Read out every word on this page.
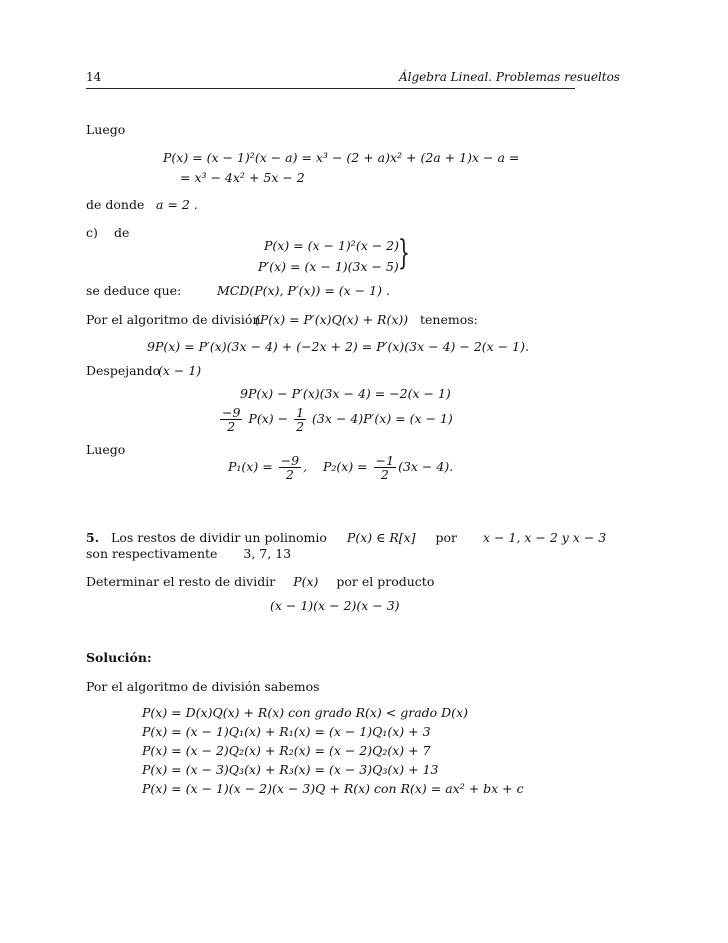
14	Álgebra Lineal. Problemas resueltos
Luego
P(x) = (x − 1)²(x − a) = x³ − (2 + a)x² + (2a + 1)x − a =
= x³ − 4x² + 5x − 2
de donde a = 2 .
c) de
P(x) = (x − 1)²(x − 2)
P′(x) = (x − 1)(3x − 5) }
se deduce que:	MCD(P(x), P′(x)) = (x − 1) .
Por el algoritmo de división
(P(x) = P′(x)Q(x) + R(x)) tenemos:
9P(x) = P′(x)(3x − 4) + (−2x + 2) = P′(x)(3x − 4) − 2(x − 1).
Despejando
(x − 1)
9P(x) − P′(x)(3x − 4) = −2(x − 1)
$\frac{-9}{2} P(x) - \frac{1}{2} (3x - 4)P'(x) = (x - 1)$
Luego
$P_1(x) = \frac{-9}{2}$ , $P_2(x) = \frac{-1}{2} (3x - 4)$.
5. Los restos de dividir un polinomio P(x) ∈ R[x] por x − 1, x − 2 y x − 3
son respectivamente 3, 7, 13
Determinar el resto de dividir P(x) por el producto
(x − 1)(x − 2)(x − 3)
Solución:
Por el algoritmo de división sabemos
P(x) = D(x)Q(x) + R(x) con grado R(x) < grado D(x)
P(x) = (x − 1)Q₁(x) + R₁(x) = (x − 1)Q₁(x) + 3
P(x) = (x − 2)Q₂(x) + R₂(x) = (x − 2)Q₂(x) + 7
P(x) = (x − 3)Q₃(x) + R₃(x) = (x − 3)Q₃(x) + 13
P(x) = (x − 1)(x − 2)(x − 3)Q + R(x) con R(x) = ax² + bx + c
